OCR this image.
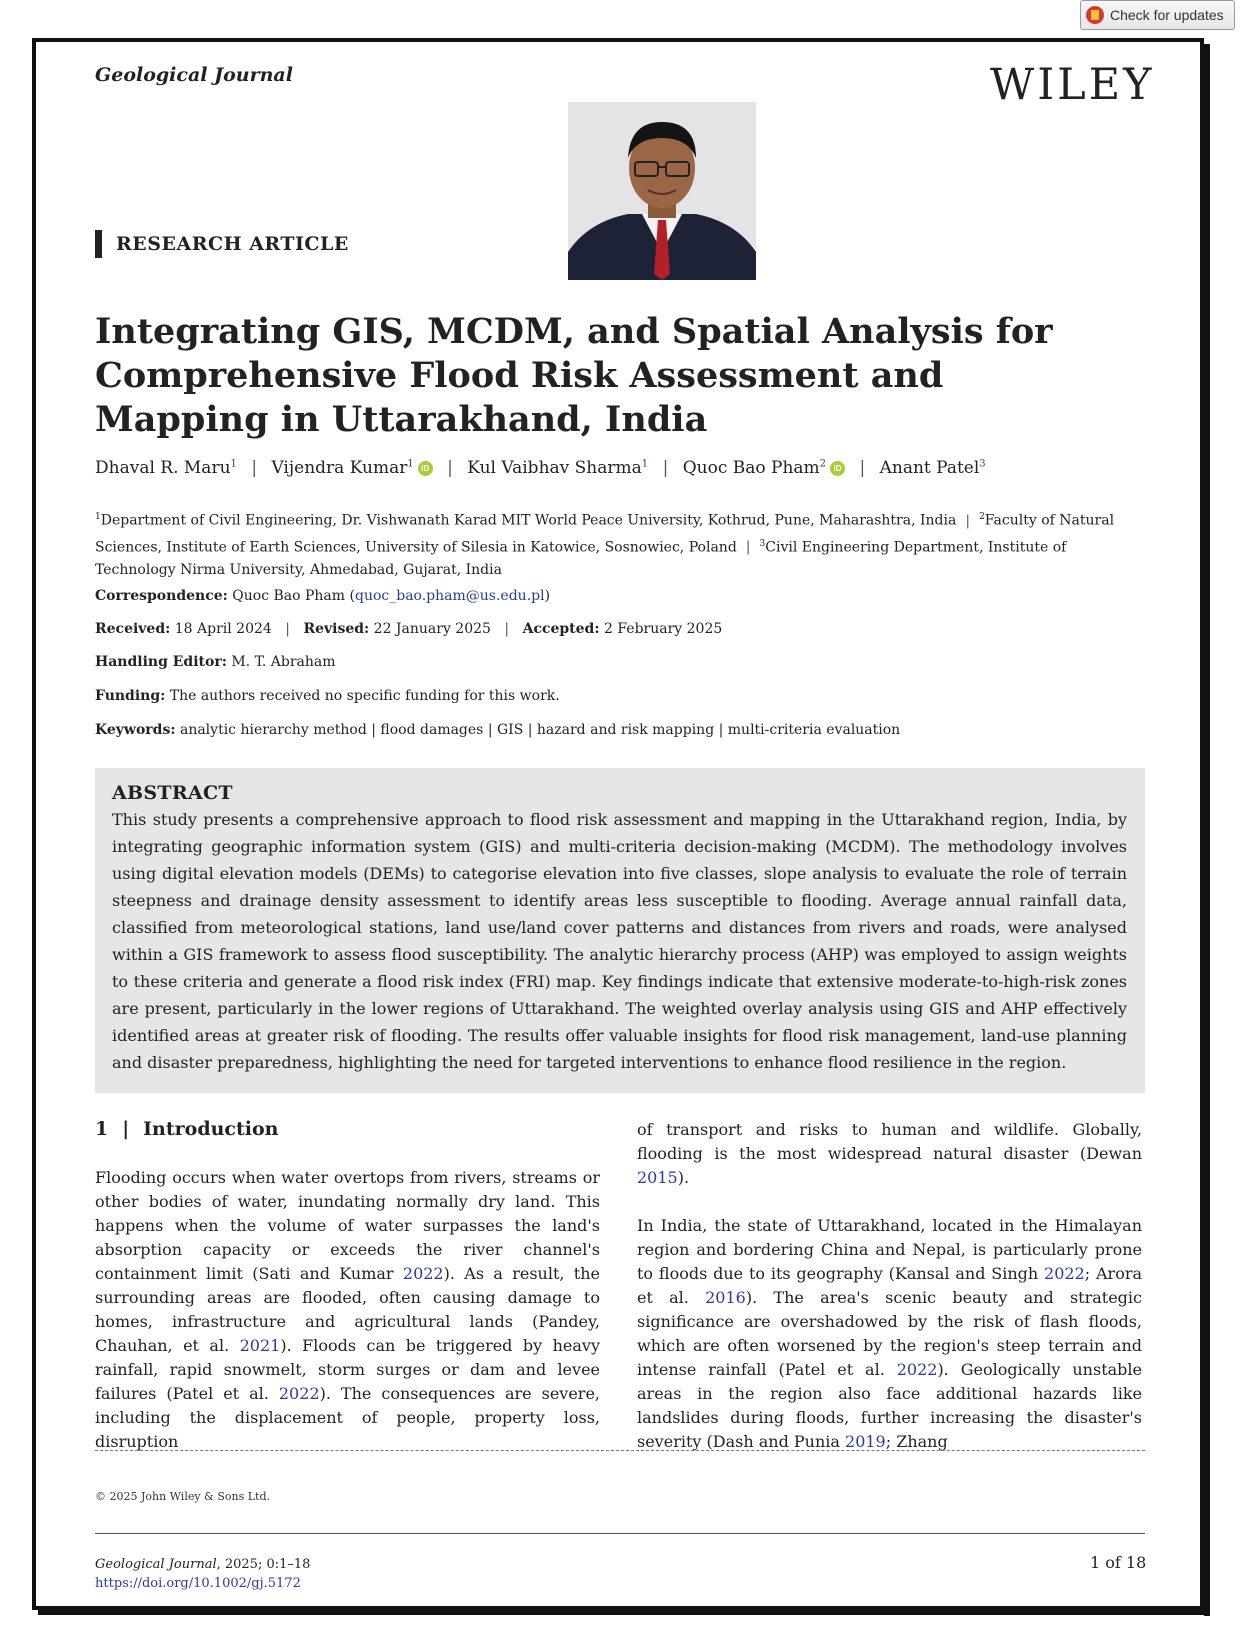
Check for updates
Geological Journal	WILEY
RESEARCH ARTICLE
Integrating GIS, MCDM, and Spatial Analysis for Comprehensive Flood Risk Assessment and Mapping in Uttarakhand, India
Dhaval R. Maru$^1$ | Vijendra Kumar$^1$ iD | Kul Vaibhav Sharma$^1$ | Quoc Bao Pham$^2$ iD | Anant Patel$^3$

$^1$Department of Civil Engineering, Dr. Vishwanath Karad MIT World Peace University, Kothrud, Pune, Maharashtra, India | $^2$Faculty of Natural Sciences, Institute of Earth Sciences, University of Silesia in Katowice, Sosnowiec, Poland | $^3$Civil Engineering Department, Institute of Technology Nirma University, Ahmedabad, Gujarat, India

Correspondence: Quoc Bao Pham (quoc_bao.pham@us.edu.pl)
Received: 18 April 2024 | Revised: 22 January 2025 | Accepted: 2 February 2025
Handling Editor: M. T. Abraham
Funding: The authors received no specific funding for this work.
Keywords: analytic hierarchy method | flood damages | GIS | hazard and risk mapping | multi-criteria evaluation
ABSTRACT

This study presents a comprehensive approach to flood risk assessment and mapping in the Uttarakhand region, India, by integrating geographic information system (GIS) and multi-criteria decision-making (MCDM). The methodology involves using digital elevation models (DEMs) to categorise elevation into five classes, slope analysis to evaluate the role of terrain steepness and drainage density assessment to identify areas less susceptible to flooding. Average annual rainfall data, classified from meteorological stations, land use/land cover patterns and distances from rivers and roads, were analysed within a GIS framework to assess flood susceptibility. The analytic hierarchy process (AHP) was employed to assign weights to these criteria and generate a flood risk index (FRI) map. Key findings indicate that extensive moderate-to-high-risk zones are present, particularly in the lower regions of Uttarakhand. The weighted overlay analysis using GIS and AHP effectively identified areas at greater risk of flooding. The results offer valuable insights for flood risk management, land-use planning and disaster preparedness, highlighting the need for targeted interventions to enhance flood resilience in the region.

1 | Introduction

Flooding occurs when water overtops from rivers, streams or other bodies of water, inundating normally dry land. This happens when the volume of water surpasses the land's absorption capacity or exceeds the river channel's containment limit (Sati and Kumar 2022). As a result, the surrounding areas are flooded, often causing damage to homes, infrastructure and agricultural lands (Pandey, Chauhan, et al. 2021). Floods can be triggered by heavy rainfall, rapid snowmelt, storm surges or dam and levee failures (Patel et al. 2022). The consequences are severe, including the displacement of people, property loss, disruption

of transport and risks to human and wildlife. Globally, flooding is the most widespread natural disaster (Dewan 2015).

In India, the state of Uttarakhand, located in the Himalayan region and bordering China and Nepal, is particularly prone to floods due to its geography (Kansal and Singh 2022; Arora et al. 2016). The area's scenic beauty and strategic significance are overshadowed by the risk of flash floods, which are often worsened by the region's steep terrain and intense rainfall (Patel et al. 2022). Geologically unstable areas in the region also face additional hazards like landslides during floods, further increasing the disaster's severity (Dash and Punia 2019; Zhang

© 2025 John Wiley & Sons Ltd.
Geological Journal, 2025; 0:1–18
https://doi.org/10.1002/gj.5172
1 of 18
